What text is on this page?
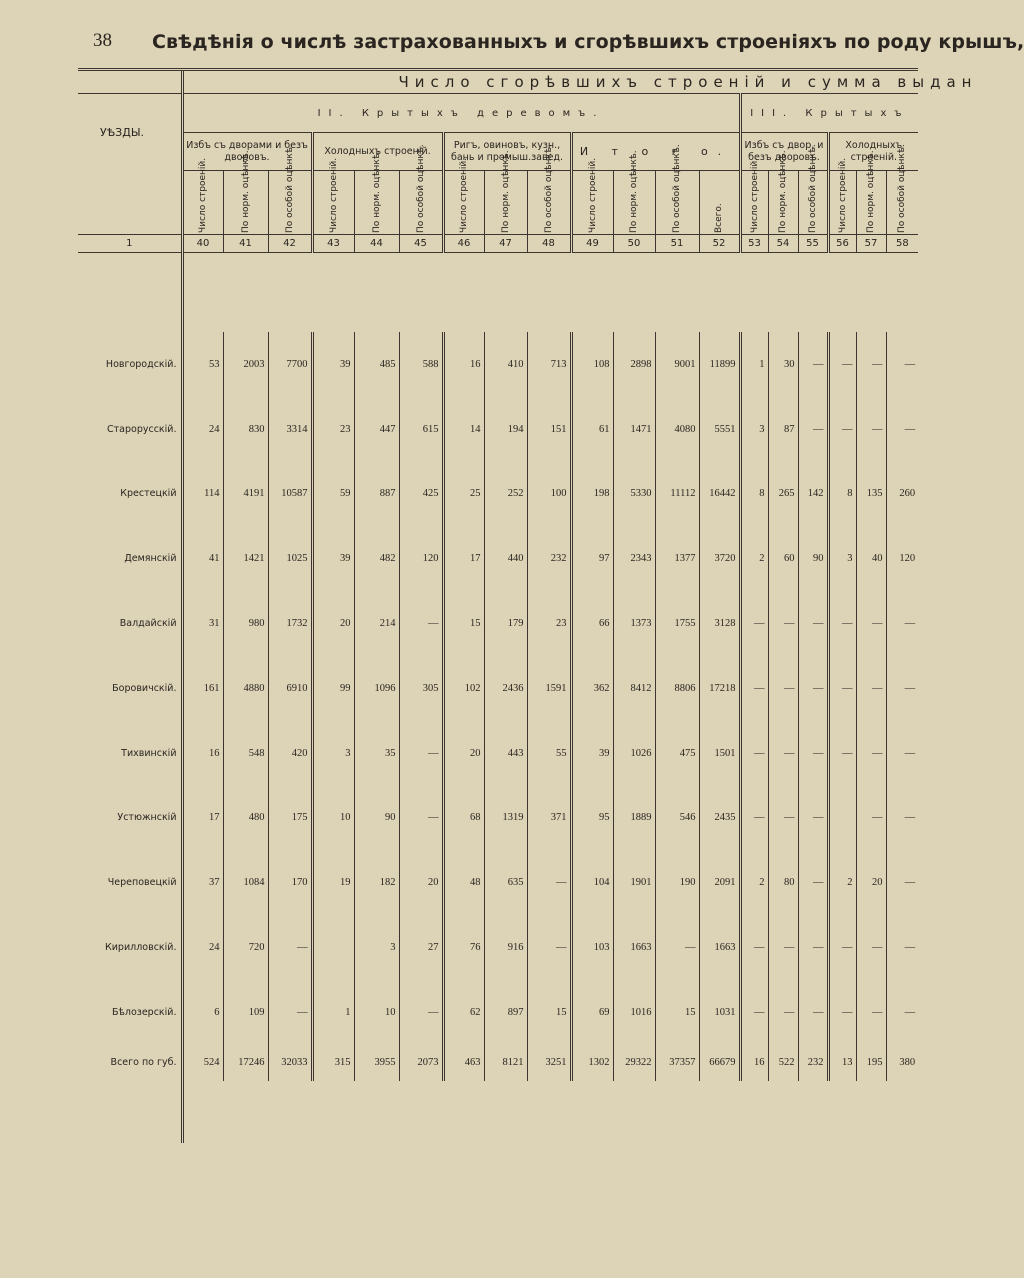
38 Свѣдѣнія о числѣ застрахованныхъ и сгорѣвшихъ строеніяхъ по роду крышъ,
	Число сгорѣвшихъ строеній и сумма выдан																		
УѢЗДЫ.	II. Крытыхъ деревомъ.													III. Крытыхъ					
	Избъ съ дворами и безъ дворовъ.			Холодныхъ строеній.			Ригъ, овиновъ, кузн., бань и промыш.завед.			И т о г о.				Избъ съ двор. и безъ дворовъ.			Холодныхъ строеній.		

	Число строеній.	По норм. оцѣнкѣ.	По особой оцѣнкѣ.	Число строеній.	По норм. оцѣнкѣ.	По особой оцѣнкѣ.	Число строеній.	По норм. оцѣнкѣ.	По особой оцѣнкѣ.	Число строеній.	По норм. оцѣнкѣ.	По особой оцѣнкѣ.	Всего.	Число строеній.	По норм. оцѣнкѣ.	По особой оцѣнкѣ.	Число строеній.	По норм. оцѣнкѣ.	По особой оцѣнкѣ.

1	40	41	42	43	44	45	46	47	48	49	50	51	52	53	54	55	56	57	58

Новгородскій.	53	2003	7700	39	485	588	16	410	713	108	2898	9001	11899	1	30	—	—	—	—
Старорусскій.	24	830	3314	23	447	615	14	194	151	61	1471	4080	5551	3	87	—	—	—	—
Крестецкій	114	4191	10587	59	887	425	25	252	100	198	5330	11112	16442	8	265	142	8	135	260
Демянскій	41	1421	1025	39	482	120	17	440	232	97	2343	1377	3720	2	60	90	3	40	120
Валдайскій	31	980	1732	20	214	—	15	179	23	66	1373	1755	3128	—	—	—	—	—	—
Боровичскій.	161	4880	6910	99	1096	305	102	2436	1591	362	8412	8806	17218	—	—	—	—	—	—
Тихвинскій	16	548	420	3	35	—	20	443	55	39	1026	475	1501	—	—	—	—	—	—
Устюжнскій	17	480	175	10	90	—	68	1319	371	95	1889	546	2435	—	—	—		—	—
Череповецкій	37	1084	170	19	182	20	48	635	—	104	1901	190	2091	2	80	—	2	20	—
Кирилловскій.	24	720	—		3	27	76	916	—	103	1663	—	1663	—	—	—	—	—	—
Бѣлозерскій.	6	109	—	1	10	—	62	897	15	69	1016	15	1031	—	—	—	—	—	—
Всего по губ.	524	17246	32033	315	3955	2073	463	8121	3251	1302	29322	37357	66679	16	522	232	13	195	380
